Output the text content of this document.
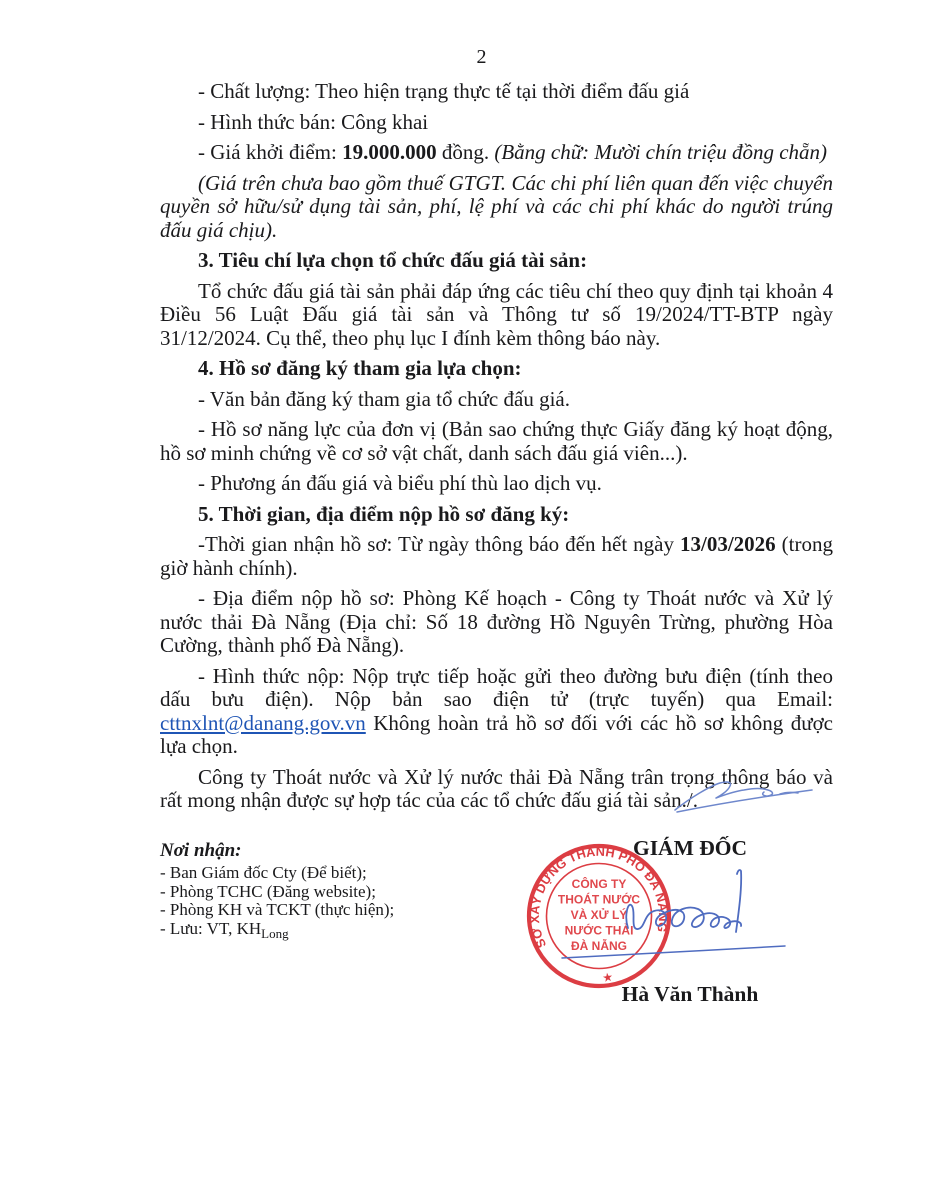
2

- Chất lượng: Theo hiện trạng thực tế tại thời điểm đấu giá

- Hình thức bán: Công khai

- Giá khởi điểm: 19.000.000 đồng. (Bằng chữ: Mười chín triệu đồng chẵn)

(Giá trên chưa bao gồm thuế GTGT. Các chi phí liên quan đến việc chuyển quyền sở hữu/sử dụng tài sản, phí, lệ phí và các chi phí khác do người trúng đấu giá chịu).

3. Tiêu chí lựa chọn tổ chức đấu giá tài sản:

Tổ chức đấu giá tài sản phải đáp ứng các tiêu chí theo quy định tại khoản 4 Điều 56 Luật Đấu giá tài sản và Thông tư số 19/2024/TT-BTP ngày 31/12/2024. Cụ thể, theo phụ lục I đính kèm thông báo này.

4. Hồ sơ đăng ký tham gia lựa chọn:

- Văn bản đăng ký tham gia tổ chức đấu giá.

- Hồ sơ năng lực của đơn vị (Bản sao chứng thực Giấy đăng ký hoạt động, hồ sơ minh chứng về cơ sở vật chất, danh sách đấu giá viên...).

- Phương án đấu giá và biểu phí thù lao dịch vụ.

5. Thời gian, địa điểm nộp hồ sơ đăng ký:

-Thời gian nhận hồ sơ: Từ ngày thông báo đến hết ngày 13/03/2026 (trong giờ hành chính).

- Địa điểm nộp hồ sơ: Phòng Kế hoạch - Công ty Thoát nước và Xử lý nước thải Đà Nẵng (Địa chỉ: Số 18 đường Hồ Nguyên Trừng, phường Hòa Cường, thành phố Đà Nẵng).

- Hình thức nộp: Nộp trực tiếp hoặc gửi theo đường bưu điện (tính theo dấu bưu điện). Nộp bản sao điện tử (trực tuyến) qua Email: cttnxlnt@danang.gov.vn Không hoàn trả hồ sơ đối với các hồ sơ không được lựa chọn.

Công ty Thoát nước và Xử lý nước thải Đà Nẵng trân trọng thông báo và rất mong nhận được sự hợp tác của các tổ chức đấu giá tài sản./.

Nơi nhận:
- Ban Giám đốc Cty (Để biết);
- Phòng TCHC (Đăng website);
- Phòng KH và TCKT (thực hiện);
- Lưu: VT, $KH_{Long}$
SỞ XÂY DỰNG THÀNH PHỐ ĐÀ NẴNG
★
CÔNG TY
THOÁT NƯỚC
VÀ XỬ LÝ
NƯỚC THẢI
ĐÀ NẴNG
GIÁM ĐỐC
Hà Văn Thành
